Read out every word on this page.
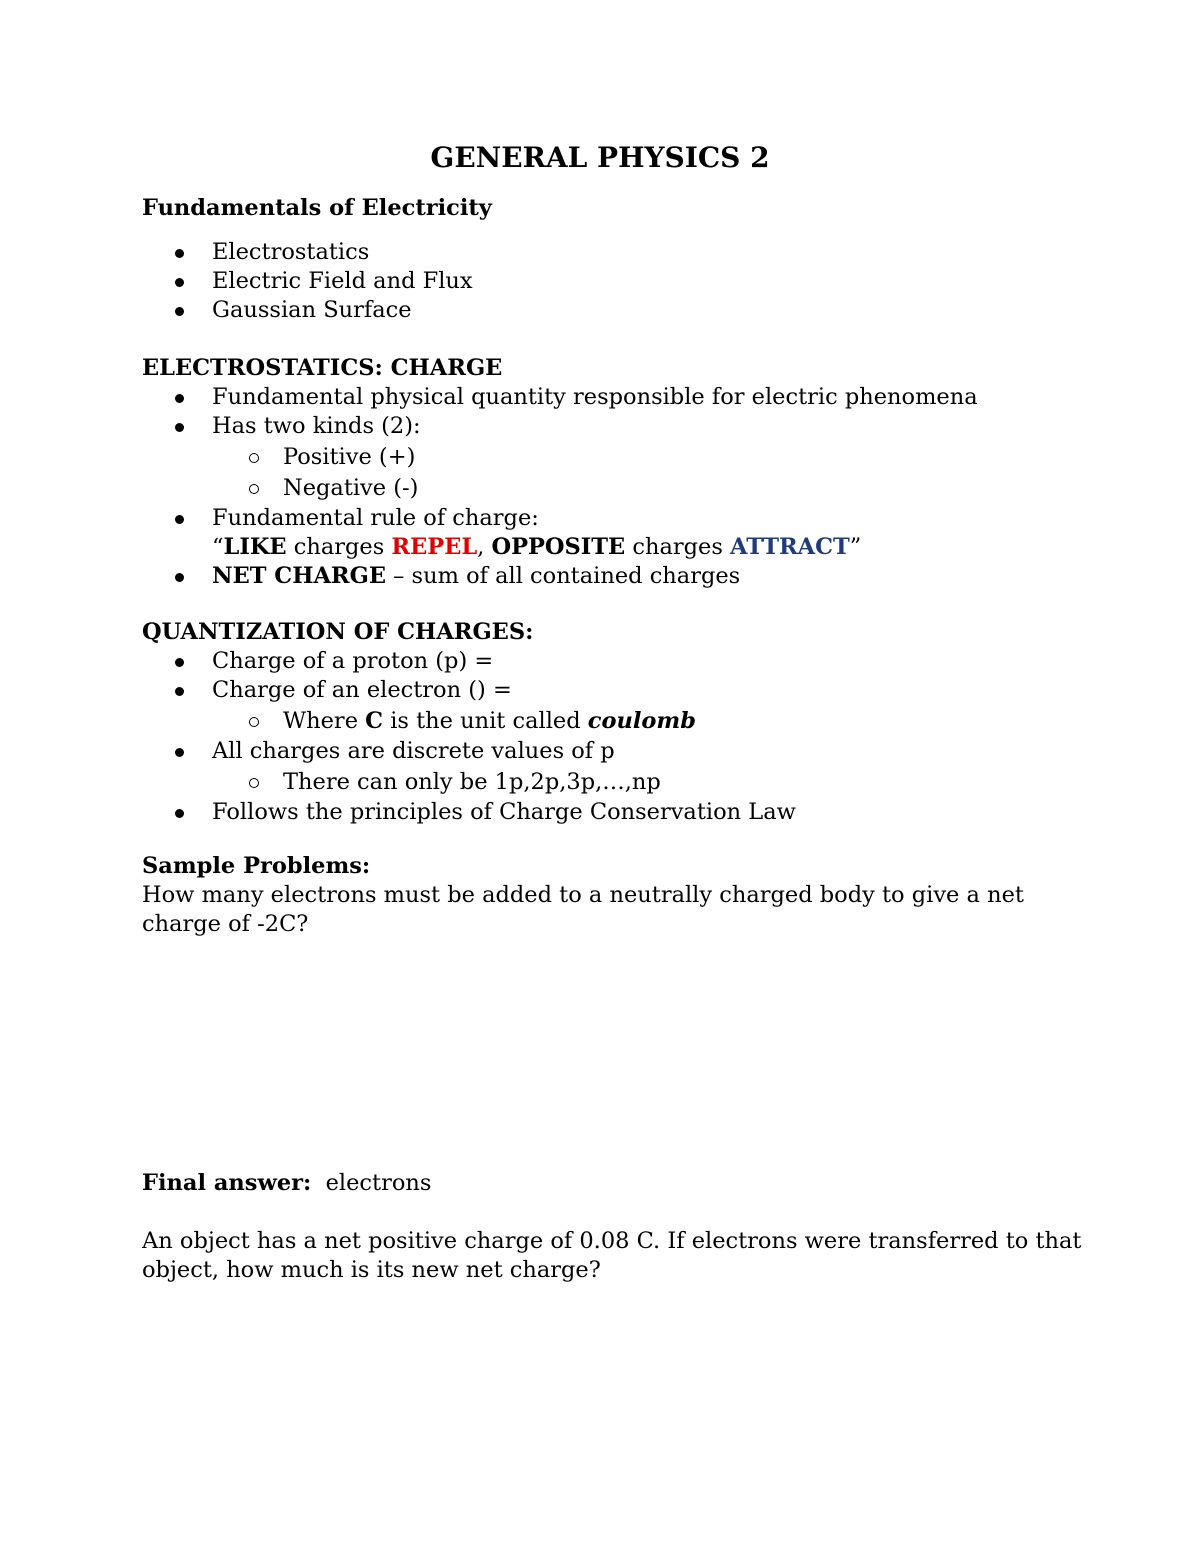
GENERAL PHYSICS 2
Fundamentals of Electricity
Electrostatics
Electric Field and Flux
Gaussian Surface
ELECTROSTATICS: CHARGE
Fundamental physical quantity responsible for electric phenomena
Has two kinds (2):
Positive (+)
Negative (-)
Fundamental rule of charge:
“LIKE charges REPEL, OPPOSITE charges ATTRACT”
NET CHARGE – sum of all contained charges
QUANTIZATION OF CHARGES:
Charge of a proton (p) =
Charge of an electron () =
Where C is the unit called coulomb
All charges are discrete values of p
There can only be 1p,2p,3p,…,np
Follows the principles of Charge Conservation Law
Sample Problems:
How many electrons must be added to a neutrally charged body to give a net charge of -2C?
Final answer:  electrons
An object has a net positive charge of 0.08 C. If electrons were transferred to that object, how much is its new net charge?
